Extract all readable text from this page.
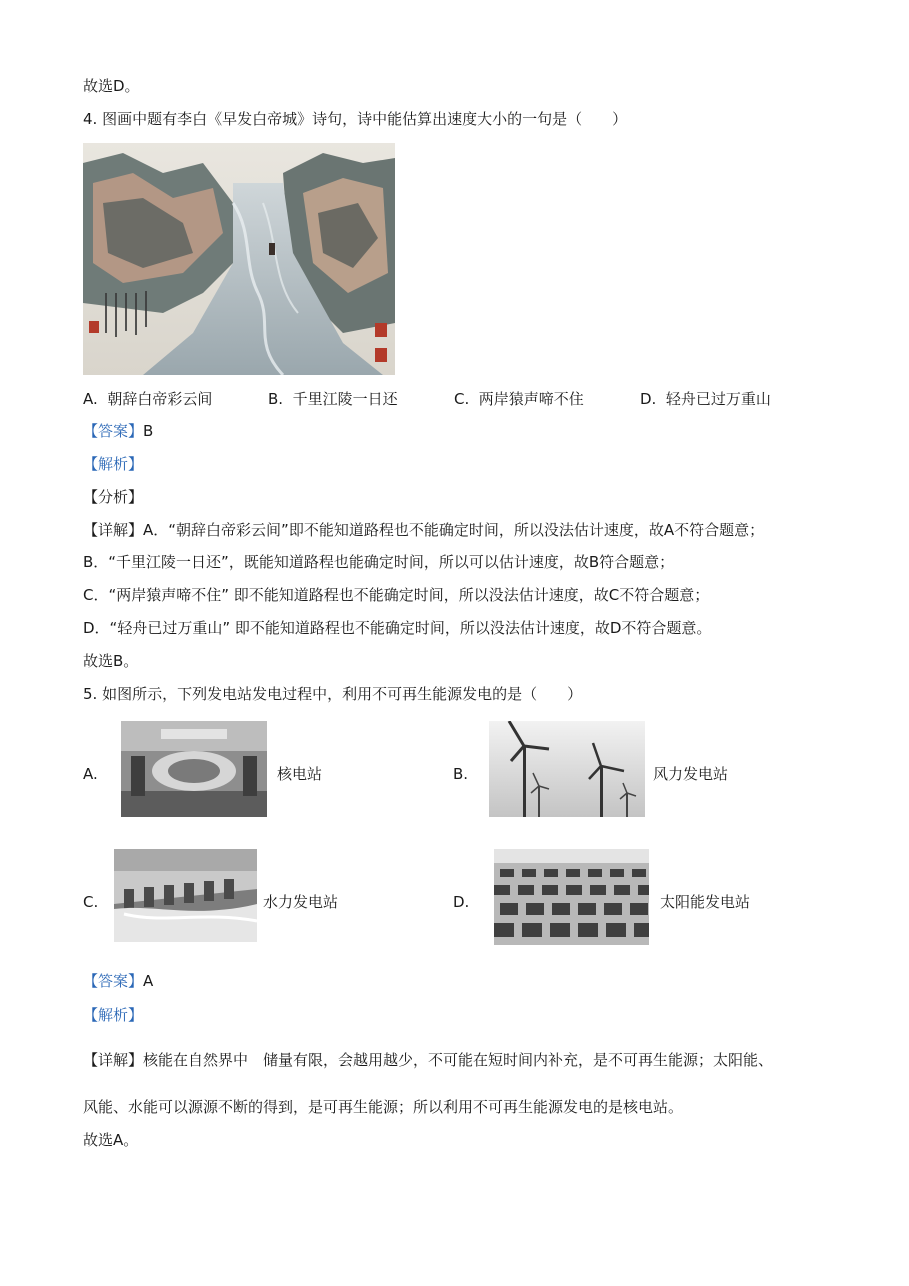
故选D。
4. 图画中题有李白《早发白帝城》诗句，诗中能估算出速度大小的一句是（　　）
A. 朝辞白帝彩云间	B. 千里江陵一日还	C. 两岸猿声啼不住	D. 轻舟已过万重山
【答案】B
【解析】
【分析】
【详解】A．“朝辞白帝彩云间”即不能知道路程也不能确定时间，所以没法估计速度，故A不符合题意；
B．“千里江陵一日还”，既能知道路程也能确定时间，所以可以估计速度，故B符合题意；
C．“两岸猿声啼不住” 即不能知道路程也不能确定时间，所以没法估计速度，故C不符合题意；
D．“轻舟已过万重山” 即不能知道路程也不能确定时间，所以没法估计速度，故D不符合题意。
故选B。
5. 如图所示，下列发电站发电过程中，利用不可再生能源发电的是（　　）
A.	核电站	B.	风力发电站
C.	水力发电站	D.	太阳能发电站
【答案】A
【解析】
【详解】核能在自然界中　储量有限，会越用越少，不可能在短时间内补充，是不可再生能源；太阳能、
风能、水能可以源源不断的得到，是可再生能源；所以利用不可再生能源发电的是核电站。
故选A。
